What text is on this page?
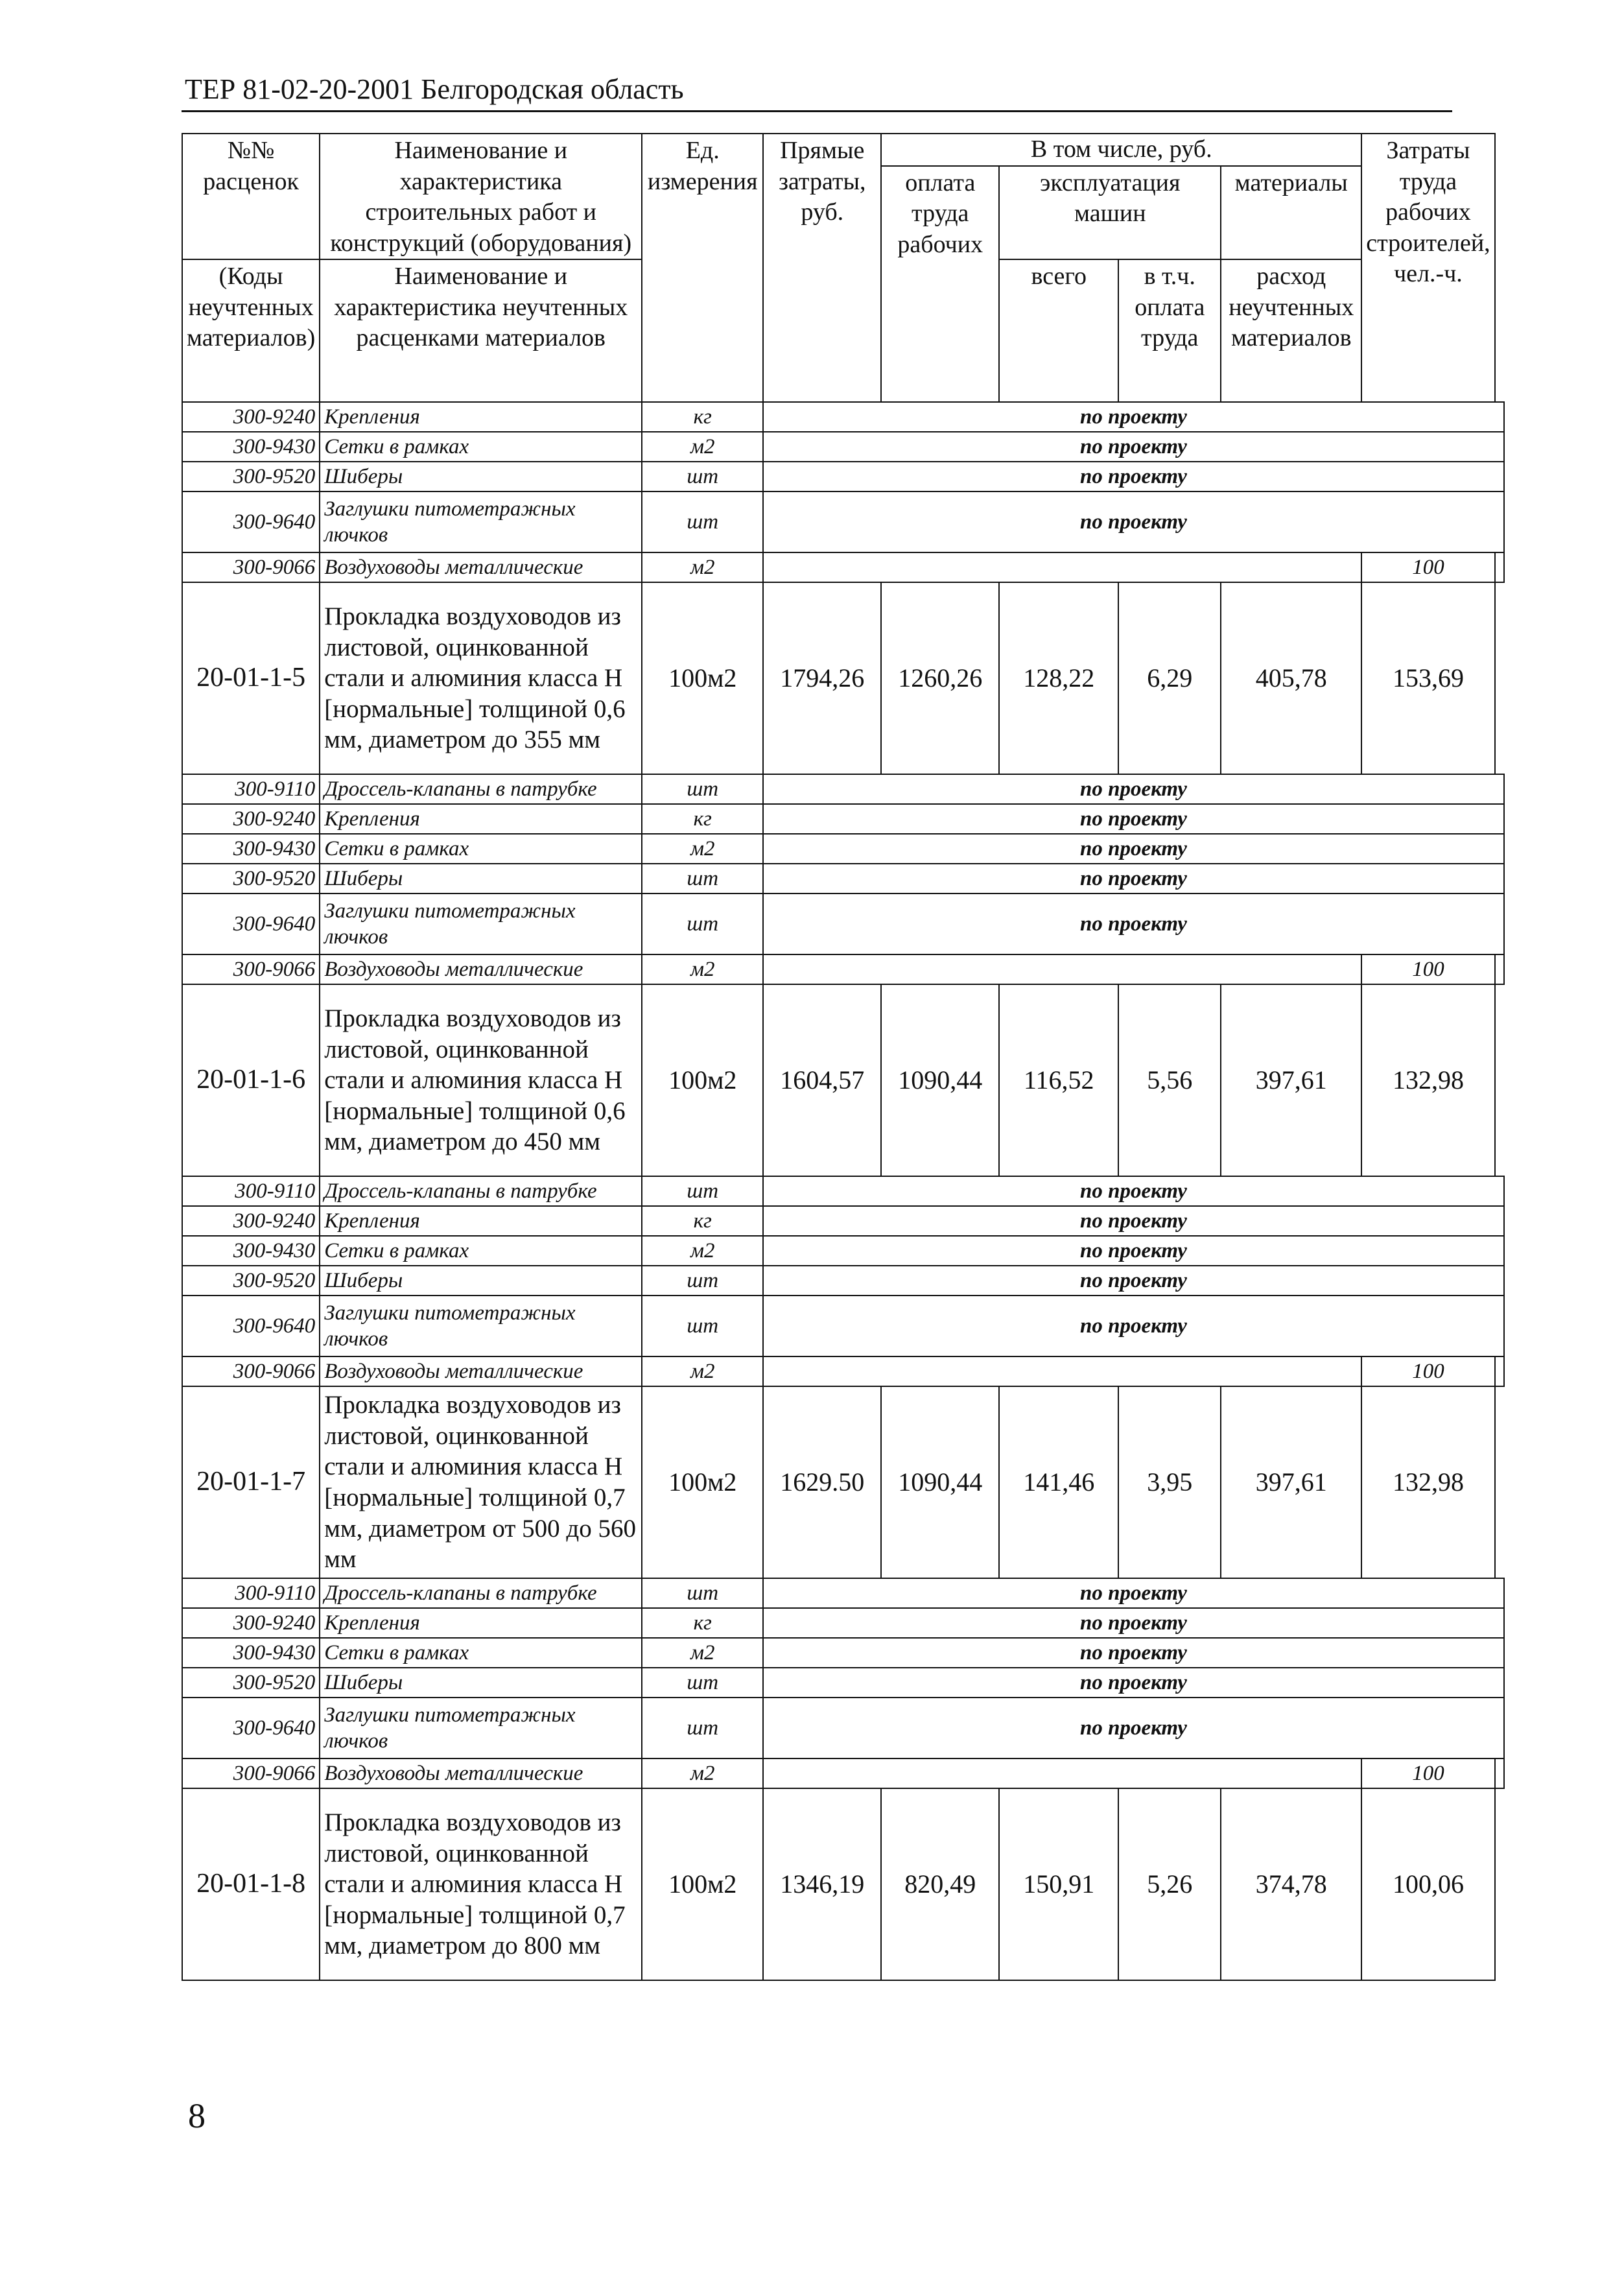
ТЕР 81-02-20-2001 Белгородская область
№№ расценок	Наименование и характеристика строительных работ и конструкций (оборудования)	Ед. измерения	Прямые затраты, руб.	В том числе, руб.				Затраты труда рабочих строителей, чел.-ч.	
				оплата труда рабочих	эксплуатация машин		материалы		
(Коды неучтенных материалов)	Наименование и характеристика неучтенных расценками материалов				всего	в т.ч. оплата труда	расход неучтенных материалов		

300-9240	Крепления	кг	по проекту						
300-9430	Сетки в рамках	м2	по проекту						
300-9520	Шиберы	шт	по проекту						
300-9640	Заглушки питометражных лючков	шт	по проекту						
300-9066	Воздуховоды металлические	м2						100	
20-01-1-5	Прокладка воздуховодов из листовой, оцинкованной стали и алюминия класса Н [нормальные] толщиной 0,6 мм, диаметром до 355 мм	100м2	1794,26	1260,26	128,22	6,29	405,78	153,69	
300-9110	Дроссель-клапаны в патрубке	шт	по проекту						
300-9240	Крепления	кг	по проекту						
300-9430	Сетки в рамках	м2	по проекту						
300-9520	Шиберы	шт	по проекту						
300-9640	Заглушки питометражных лючков	шт	по проекту						
300-9066	Воздуховоды металлические	м2						100	
20-01-1-6	Прокладка воздуховодов из листовой, оцинкованной стали и алюминия класса Н [нормальные] толщиной 0,6 мм, диаметром до 450 мм	100м2	1604,57	1090,44	116,52	5,56	397,61	132,98	
300-9110	Дроссель-клапаны в патрубке	шт	по проекту						
300-9240	Крепления	кг	по проекту						
300-9430	Сетки в рамках	м2	по проекту						
300-9520	Шиберы	шт	по проекту						
300-9640	Заглушки питометражных лючков	шт	по проекту						
300-9066	Воздуховоды металлические	м2						100	
20-01-1-7	Прокладка воздуховодов из листовой, оцинкованной стали и алюминия класса Н [нормальные] толщиной 0,7 мм, диаметром от 500 до 560 мм	100м2	1629.50	1090,44	141,46	3,95	397,61	132,98	
300-9110	Дроссель-клапаны в патрубке	шт	по проекту						
300-9240	Крепления	кг	по проекту						
300-9430	Сетки в рамках	м2	по проекту						
300-9520	Шиберы	шт	по проекту						
300-9640	Заглушки питометражных лючков	шт	по проекту						
300-9066	Воздуховоды металлические	м2						100	
20-01-1-8	Прокладка воздуховодов из листовой, оцинкованной стали и алюминия класса Н [нормальные] толщиной 0,7 мм, диаметром до 800 мм	100м2	1346,19	820,49	150,91	5,26	374,78	100,06	
8
